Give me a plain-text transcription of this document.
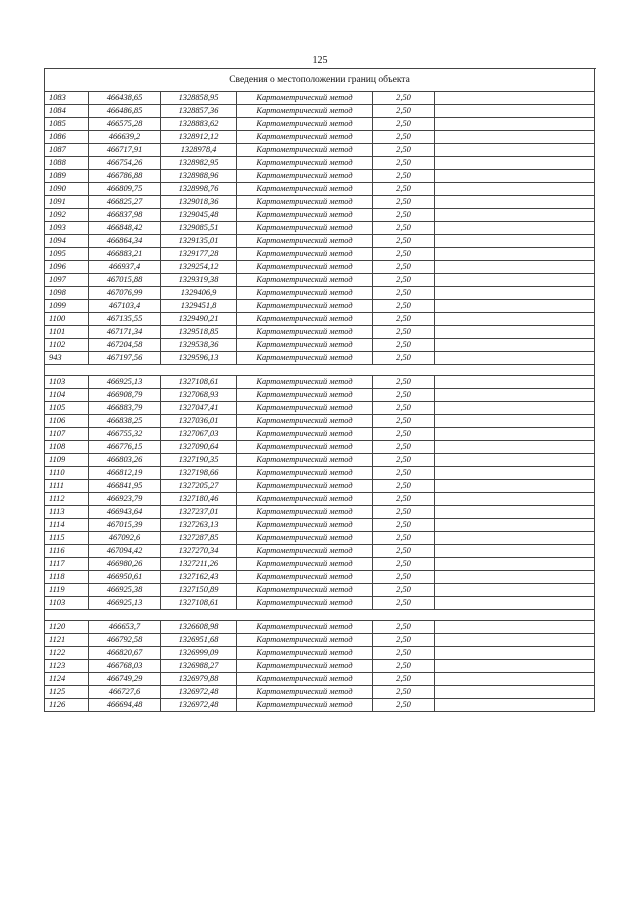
125
Сведения о местоположении границ объекта						
1083	466438,65	1328858,95	Картометрический метод	2,50		
1084	466486,85	1328857,36	Картометрический метод	2,50		
1085	466575,28	1328883,62	Картометрический метод	2,50		
1086	466639,2	1328912,12	Картометрический метод	2,50		
1087	466717,91	1328978,4	Картометрический метод	2,50		
1088	466754,26	1328982,95	Картометрический метод	2,50		
1089	466786,88	1328988,96	Картометрический метод	2,50		
1090	466809,75	1328998,76	Картометрический метод	2,50		
1091	466825,27	1329018,36	Картометрический метод	2,50		
1092	466837,98	1329045,48	Картометрический метод	2,50		
1093	466848,42	1329085,51	Картометрический метод	2,50		
1094	466864,34	1329135,01	Картометрический метод	2,50		
1095	466883,21	1329177,28	Картометрический метод	2,50		
1096	466937,4	1329254,12	Картометрический метод	2,50		
1097	467015,88	1329319,38	Картометрический метод	2,50		
1098	467076,99	1329406,9	Картометрический метод	2,50		
1099	467103,4	1329451,8	Картометрический метод	2,50		
1100	467135,55	1329490,21	Картометрический метод	2,50		
1101	467171,34	1329518,85	Картометрический метод	2,50		
1102	467204,58	1329538,36	Картометрический метод	2,50		
943	467197,56	1329596,13	Картометрический метод	2,50		

1103	466925,13	1327108,61	Картометрический метод	2,50		
1104	466908,79	1327068,93	Картометрический метод	2,50		
1105	466883,79	1327047,41	Картометрический метод	2,50		
1106	466838,25	1327036,01	Картометрический метод	2,50		
1107	466755,32	1327067,03	Картометрический метод	2,50		
1108	466776,15	1327090,64	Картометрический метод	2,50		
1109	466803,26	1327190,35	Картометрический метод	2,50		
1110	466812,19	1327198,66	Картометрический метод	2,50		
1111	466841,95	1327205,27	Картометрический метод	2,50		
1112	466923,79	1327180,46	Картометрический метод	2,50		
1113	466943,64	1327237,01	Картометрический метод	2,50		
1114	467015,39	1327263,13	Картометрический метод	2,50		
1115	467092,6	1327287,85	Картометрический метод	2,50		
1116	467094,42	1327270,34	Картометрический метод	2,50		
1117	466980,26	1327211,26	Картометрический метод	2,50		
1118	466950,61	1327162,43	Картометрический метод	2,50		
1119	466925,38	1327150,89	Картометрический метод	2,50		
1103	466925,13	1327108,61	Картометрический метод	2,50		

1120	466653,7	1326608,98	Картометрический метод	2,50		
1121	466792,58	1326951,68	Картометрический метод	2,50		
1122	466820,67	1326999,09	Картометрический метод	2,50		
1123	466768,03	1326988,27	Картометрический метод	2,50		
1124	466749,29	1326979,88	Картометрический метод	2,50		
1125	466727,6	1326972,48	Картометрический метод	2,50		
1126	466694,48	1326972,48	Картометрический метод	2,50		
